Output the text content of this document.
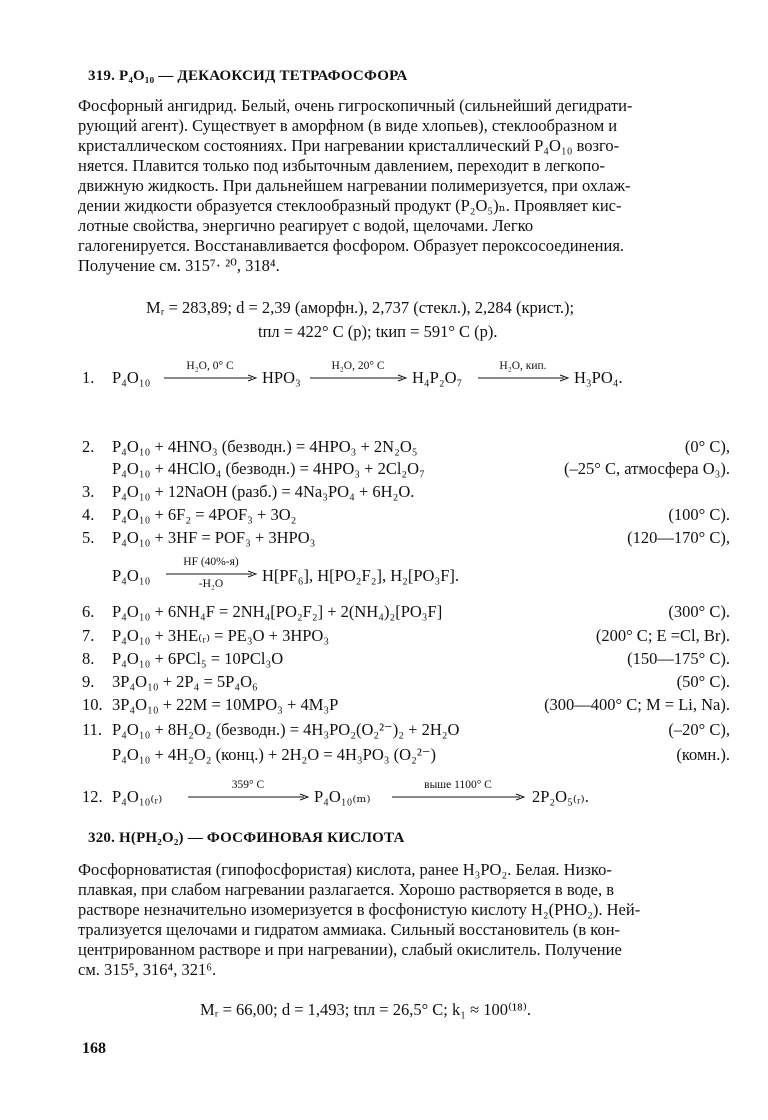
319. P₄O₁₀ — ДЕКАОКСИД ТЕТРАФОСФОРА
Фосфорный ангидрид. Белый, очень гигроскопичный (сильнейший дегидрати-
рующий агент). Существует в аморфном (в виде хлопьев), стеклообразном и
кристаллическом состояниях. При нагревании кристаллический P₄O₁₀ возго-
няется. Плавится только под избыточным давлением, переходит в легкопо-
движную жидкость. При дальнейшем нагревании полимеризуется, при охлаж-
дении жидкости образуется стеклообразный продукт (P₂O₅)ₙ. Проявляет кис-
лотные свойства, энергично реагирует с водой, щелочами. Легко
галогенируется. Восстанавливается фосфором. Образует пероксосоединения.
Получение см. 315⁷· ²⁰, 318⁴.
Mᵣ = 283,89; d = 2,39 (аморфн.), 2,737 (стекл.), 2,284 (крист.);
tпл = 422° C (p); tкип = 591° C (p).
1. P₄O₁₀
H₂O, 0° C
HPO₃
H₂O, 20° C
H₄P₂O₇
H₂O, кип.
H₃PO₄.
2. P₄O₁₀ + 4HNO₃ (безводн.) = 4HPO₃ + 2N₂O₅	(0° C),
P₄O₁₀ + 4HClO₄ (безводн.) = 4HPO₃ + 2Cl₂O₇	(–25° C, атмосфера O₃).
3. P₄O₁₀ + 12NaOH (разб.) = 4Na₃PO₄ + 6H₂O.
4. P₄O₁₀ + 6F₂ = 4POF₃ + 3O₂	(100° C).
5. P₄O₁₀ + 3HF = POF₃ + 3HPO₃	(120—170° C),
P₄O₁₀
HF (40%-я)
-H₂O	H[PF₆], H[PO₂F₂], H₂[PO₃F].
6. P₄O₁₀ + 6NH₄F = 2NH₄[PO₂F₂] + 2(NH₄)₂[PO₃F]	(300° C).
7. P₄O₁₀ + 3HE₍ᵣ₎ = PE₃O + 3HPO₃	(200° C; E =Cl, Br).
8. P₄O₁₀ + 6PCl₅ = 10PCl₃O	(150—175° C).
9. 3P₄O₁₀ + 2P₄ = 5P₄O₆	(50° C).
10. 3P₄O₁₀ + 22M = 10MPO₃ + 4M₃P	(300—400° C; M = Li, Na).
11. P₄O₁₀ + 8H₂O₂ (безводн.) = 4H₃PO₂(O₂²⁻)₂ + 2H₂O	(–20° C),
P₄O₁₀ + 4H₂O₂ (конц.) + 2H₂O = 4H₃PO₃ (O₂²⁻)	(комн.).
12. P₄O₁₀₍ᵣ₎
359° C
P₄O₁₀₍ₘ₎
выше 1100° C
2P₂O₅₍ᵣ₎.
320. H(PH₂O₂) — ФОСФИНОВАЯ КИСЛОТА
Фосфорноватистая (гипофосфористая) кислота, ранее H₃PO₂. Белая. Низко-
плавкая, при слабом нагревании разлагается. Хорошо растворяется в воде, в
растворе незначительно изомеризуется в фосфонистую кислоту H₂(PHO₂). Ней-
трализуется щелочами и гидратом аммиака. Сильный восстановитель (в кон-
центрированном растворе и при нагревании), слабый окислитель. Получение
см. 315⁵, 316⁴, 321⁶.
Mᵣ = 66,00; d = 1,493; tпл = 26,5° C; k₁ ≈ 100⁽¹⁸⁾.
168
